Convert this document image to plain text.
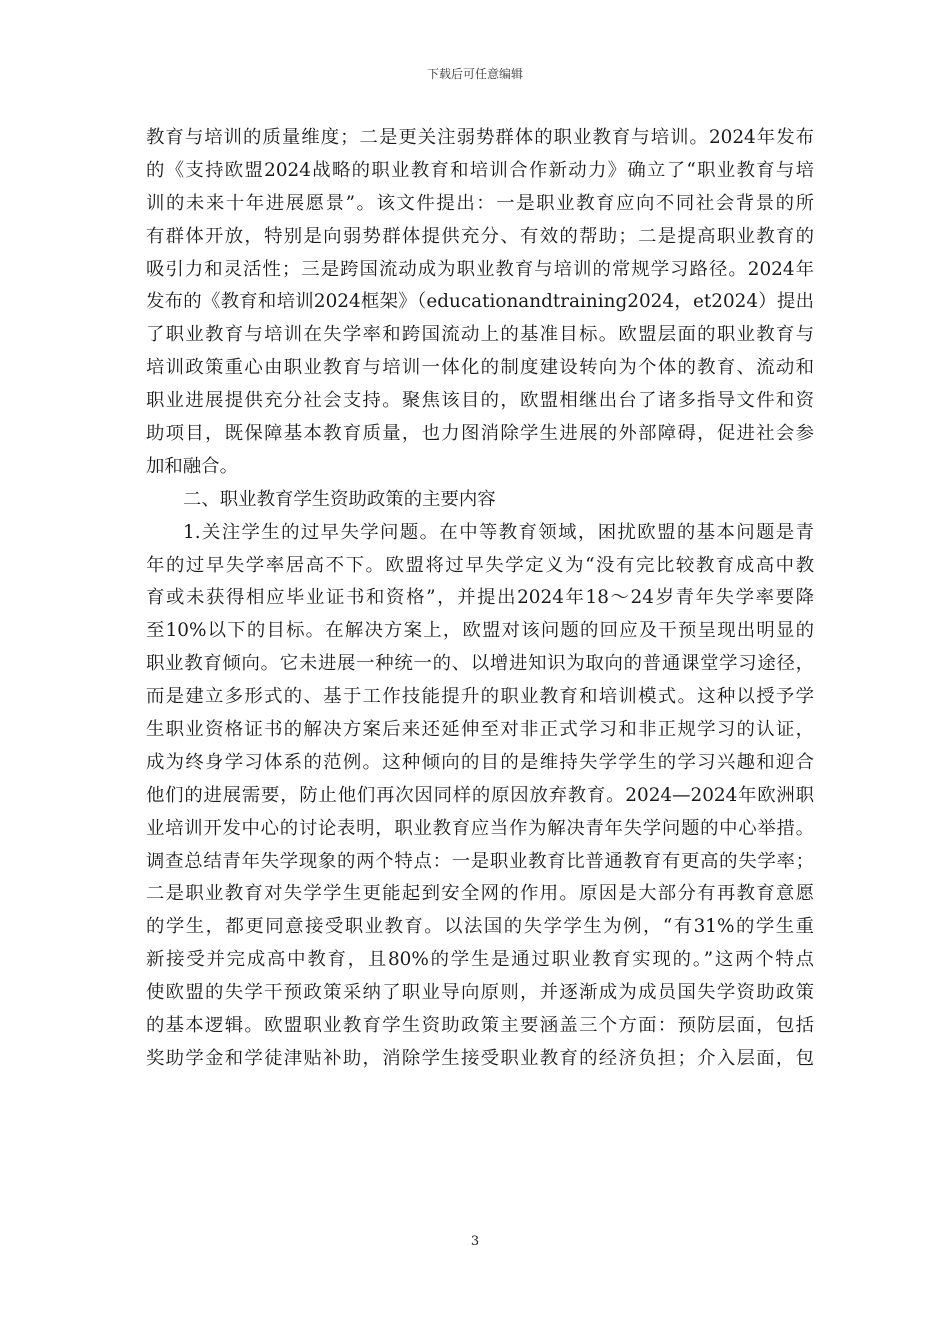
下载后可任意编辑
教育与培训的质量维度；二是更关注弱势群体的职业教育与培训。2024年发布
的《支持欧盟2024战略的职业教育和培训合作新动力》确立了“职业教育与培
训的未来十年进展愿景”。该文件提出：一是职业教育应向不同社会背景的所
有群体开放，特别是向弱势群体提供充分、有效的帮助；二是提高职业教育的
吸引力和灵活性；三是跨国流动成为职业教育与培训的常规学习路径。2024年
发布的《教育和培训2024框架》（educationandtraining2024，et2024）提出
了职业教育与培训在失学率和跨国流动上的基准目标。欧盟层面的职业教育与
培训政策重心由职业教育与培训一体化的制度建设转向为个体的教育、流动和
职业进展提供充分社会支持。聚焦该目的，欧盟相继出台了诸多指导文件和资
助项目，既保障基本教育质量，也力图消除学生进展的外部障碍，促进社会参
加和融合。
二、职业教育学生资助政策的主要内容
1.关注学生的过早失学问题。在中等教育领域，困扰欧盟的基本问题是青
年的过早失学率居高不下。欧盟将过早失学定义为“没有完比较教育成高中教
育或未获得相应毕业证书和资格”，并提出2024年18～24岁青年失学率要降
至10%以下的目标。在解决方案上，欧盟对该问题的回应及干预呈现出明显的
职业教育倾向。它未进展一种统一的、以增进知识为取向的普通课堂学习途径，
而是建立多形式的、基于工作技能提升的职业教育和培训模式。这种以授予学
生职业资格证书的解决方案后来还延伸至对非正式学习和非正规学习的认证，
成为终身学习体系的范例。这种倾向的目的是维持失学学生的学习兴趣和迎合
他们的进展需要，防止他们再次因同样的原因放弃教育。2024—2024年欧洲职
业培训开发中心的讨论表明，职业教育应当作为解决青年失学问题的中心举措。
调查总结青年失学现象的两个特点：一是职业教育比普通教育有更高的失学率；
二是职业教育对失学学生更能起到安全网的作用。原因是大部分有再教育意愿
的学生，都更同意接受职业教育。以法国的失学学生为例，“有31%的学生重
新接受并完成高中教育，且80%的学生是通过职业教育实现的。”这两个特点
使欧盟的失学干预政策采纳了职业导向原则，并逐渐成为成员国失学资助政策
的基本逻辑。欧盟职业教育学生资助政策主要涵盖三个方面：预防层面，包括
奖助学金和学徒津贴补助，消除学生接受职业教育的经济负担；介入层面，包
3
